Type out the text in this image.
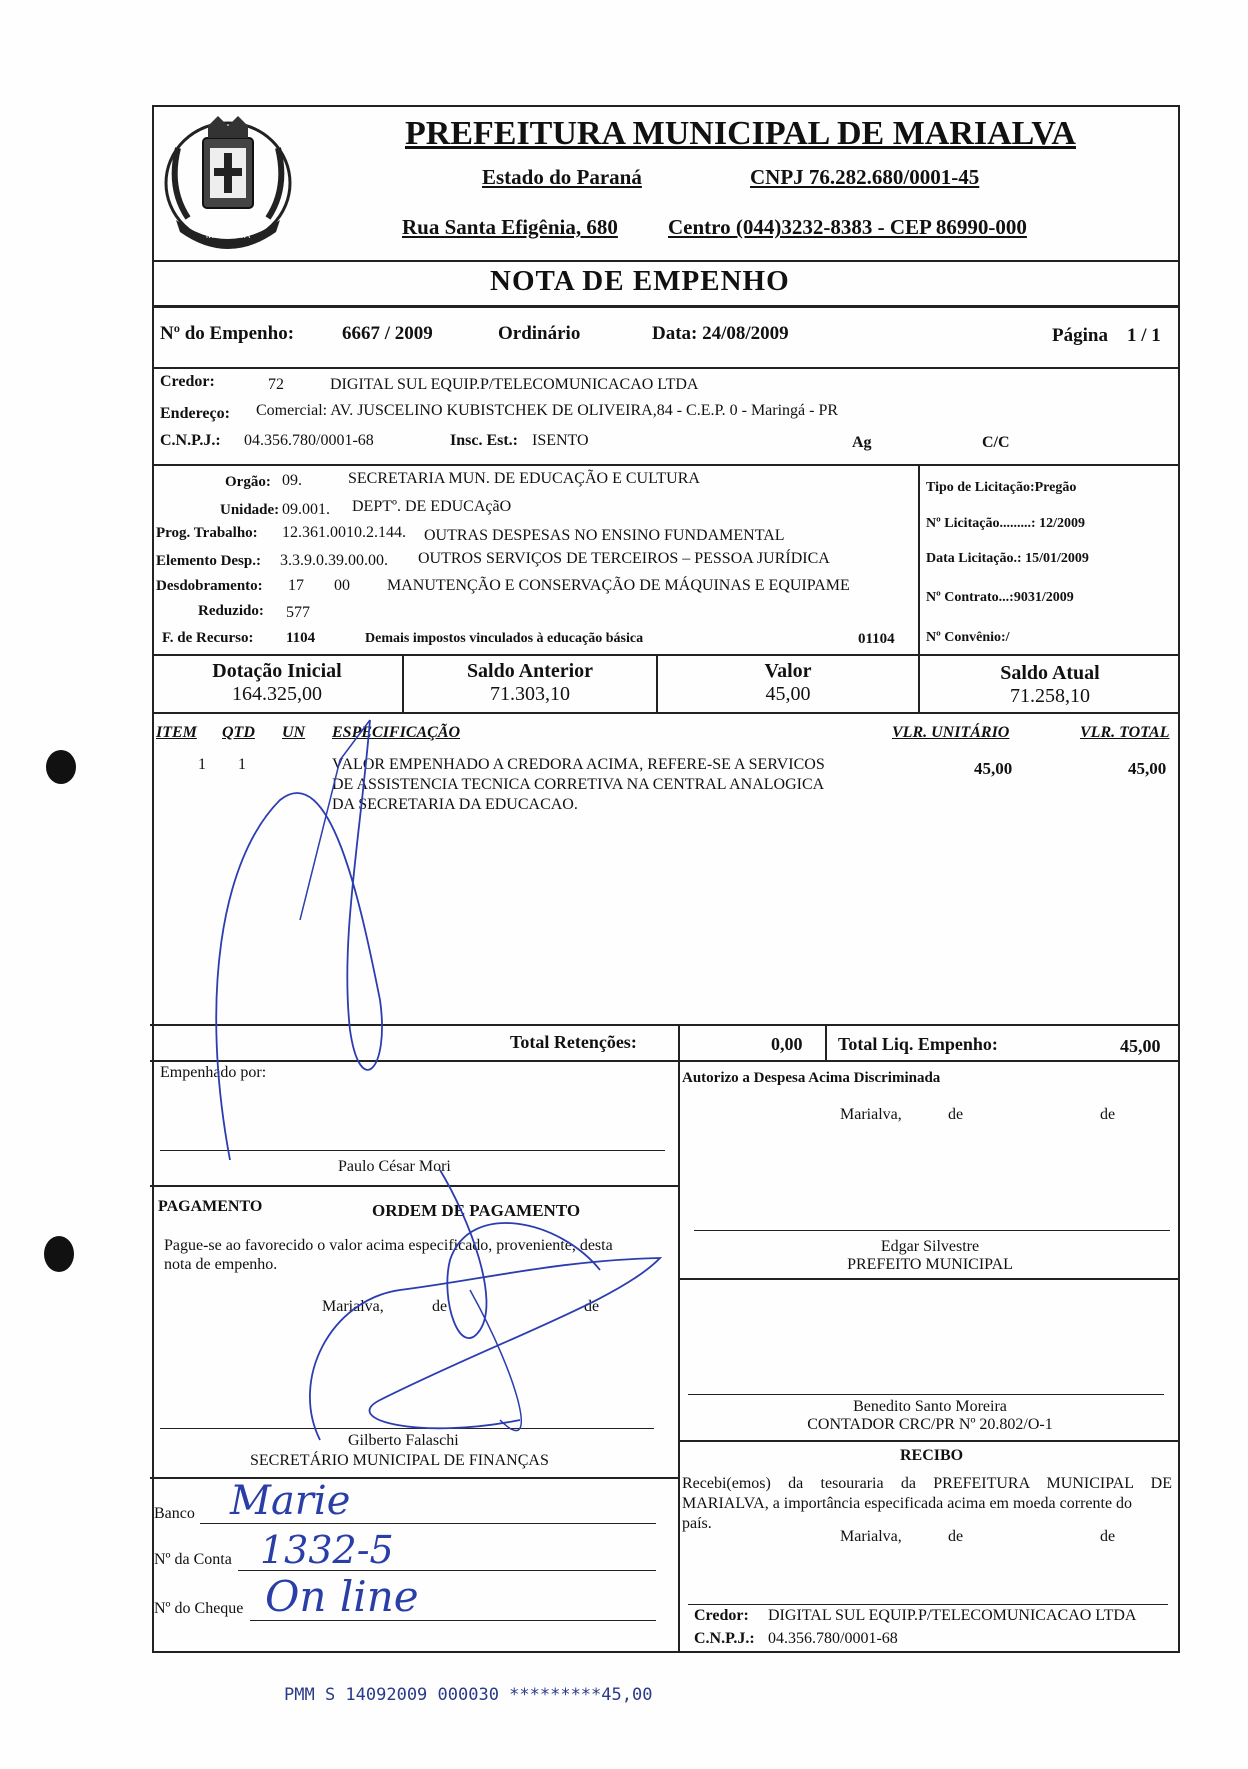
MARIALVA
PREFEITURA MUNICIPAL DE MARIALVA
Estado do Paraná	CNPJ 76.282.680/0001-45
Rua Santa Efigênia, 680 Centro (044)3232-8383 - CEP 86990-000
NOTA DE EMPENHO
Nº do Empenho:	6667 / 2009	Ordinário	Data: 24/08/2009	Página 1 / 1
Credor:	72	DIGITAL SUL EQUIP.P/TELECOMUNICACAO LTDA
Endereço: Comercial: AV. JUSCELINO KUBISTCHEK DE OLIVEIRA,84 - C.E.P. 0 - Maringá - PR
C.N.P.J.: 04.356.780/0001-68	Insc. Est.: ISENTO	Ag	C/C
Orgão: 09.	SECRETARIA MUN. DE EDUCAÇÃO E CULTURA
Unidade: 09.001. DEPTº. DE EDUCAçãO
Prog. Trabalho: 12.361.0010.2.144. OUTRAS DESPESAS NO ENSINO FUNDAMENTAL
Elemento Desp.: 3.3.9.0.39.00.00. OUTROS SERVIÇOS DE TERCEIROS – PESSOA JURÍDICA
Desdobramento: 17 00 MANUTENÇÃO E CONSERVAÇÃO DE MÁQUINAS E EQUIPAME
Reduzido: 577
F. de Recurso: 1104	Demais impostos vinculados à educação básica	01104
Tipo de Licitação:Pregão
Nº Licitação.........: 12/2009
Data Licitação.: 15/01/2009
Nº Contrato...:9031/2009
Nº Convênio:/
Dotação Inicial
164.325,00
Saldo Anterior
71.303,10
Valor
45,00
Saldo Atual
71.258,10
ITEM QTD UN ESPECIFICAÇÃO	VLR. UNITÁRIO	VLR. TOTAL
1 1	VALOR EMPENHADO A CREDORA ACIMA, REFERE-SE A SERVICOS
DE ASSISTENCIA TECNICA CORRETIVA NA CENTRAL ANALOGICA
DA SECRETARIA DA EDUCACAO.
45,00	45,00
Total Retenções:	0,00 Total Liq. Empenho:	45,00
Empenhado por:
Paulo César Mori
PAGAMENTO	ORDEM DE PAGAMENTO
Pague-se ao favorecido o valor acima especificado, proveniente, desta
nota de empenho.
Marialva,	de	de
Gilberto Falaschi
SECRETÁRIO MUNICIPAL DE FINANÇAS
Banco Marie
Nº da Conta 1332-5
Nº do Cheque On line
Autorizo a Despesa Acima Discriminada
Marialva,	de	de
Edgar Silvestre
PREFEITO MUNICIPAL
Benedito Santo Moreira
CONTADOR CRC/PR Nº 20.802/O-1
RECIBO
Recebi(emos) da tesouraria da PREFEITURA MUNICIPAL DE
MARIALVA, a importância especificada acima em moeda corrente do
país.
Marialva,	de	de
Credor: DIGITAL SUL EQUIP.P/TELECOMUNICACAO LTDA
C.N.P.J.: 04.356.780/0001-68
PMM S 14092009 000030 *********45,00
